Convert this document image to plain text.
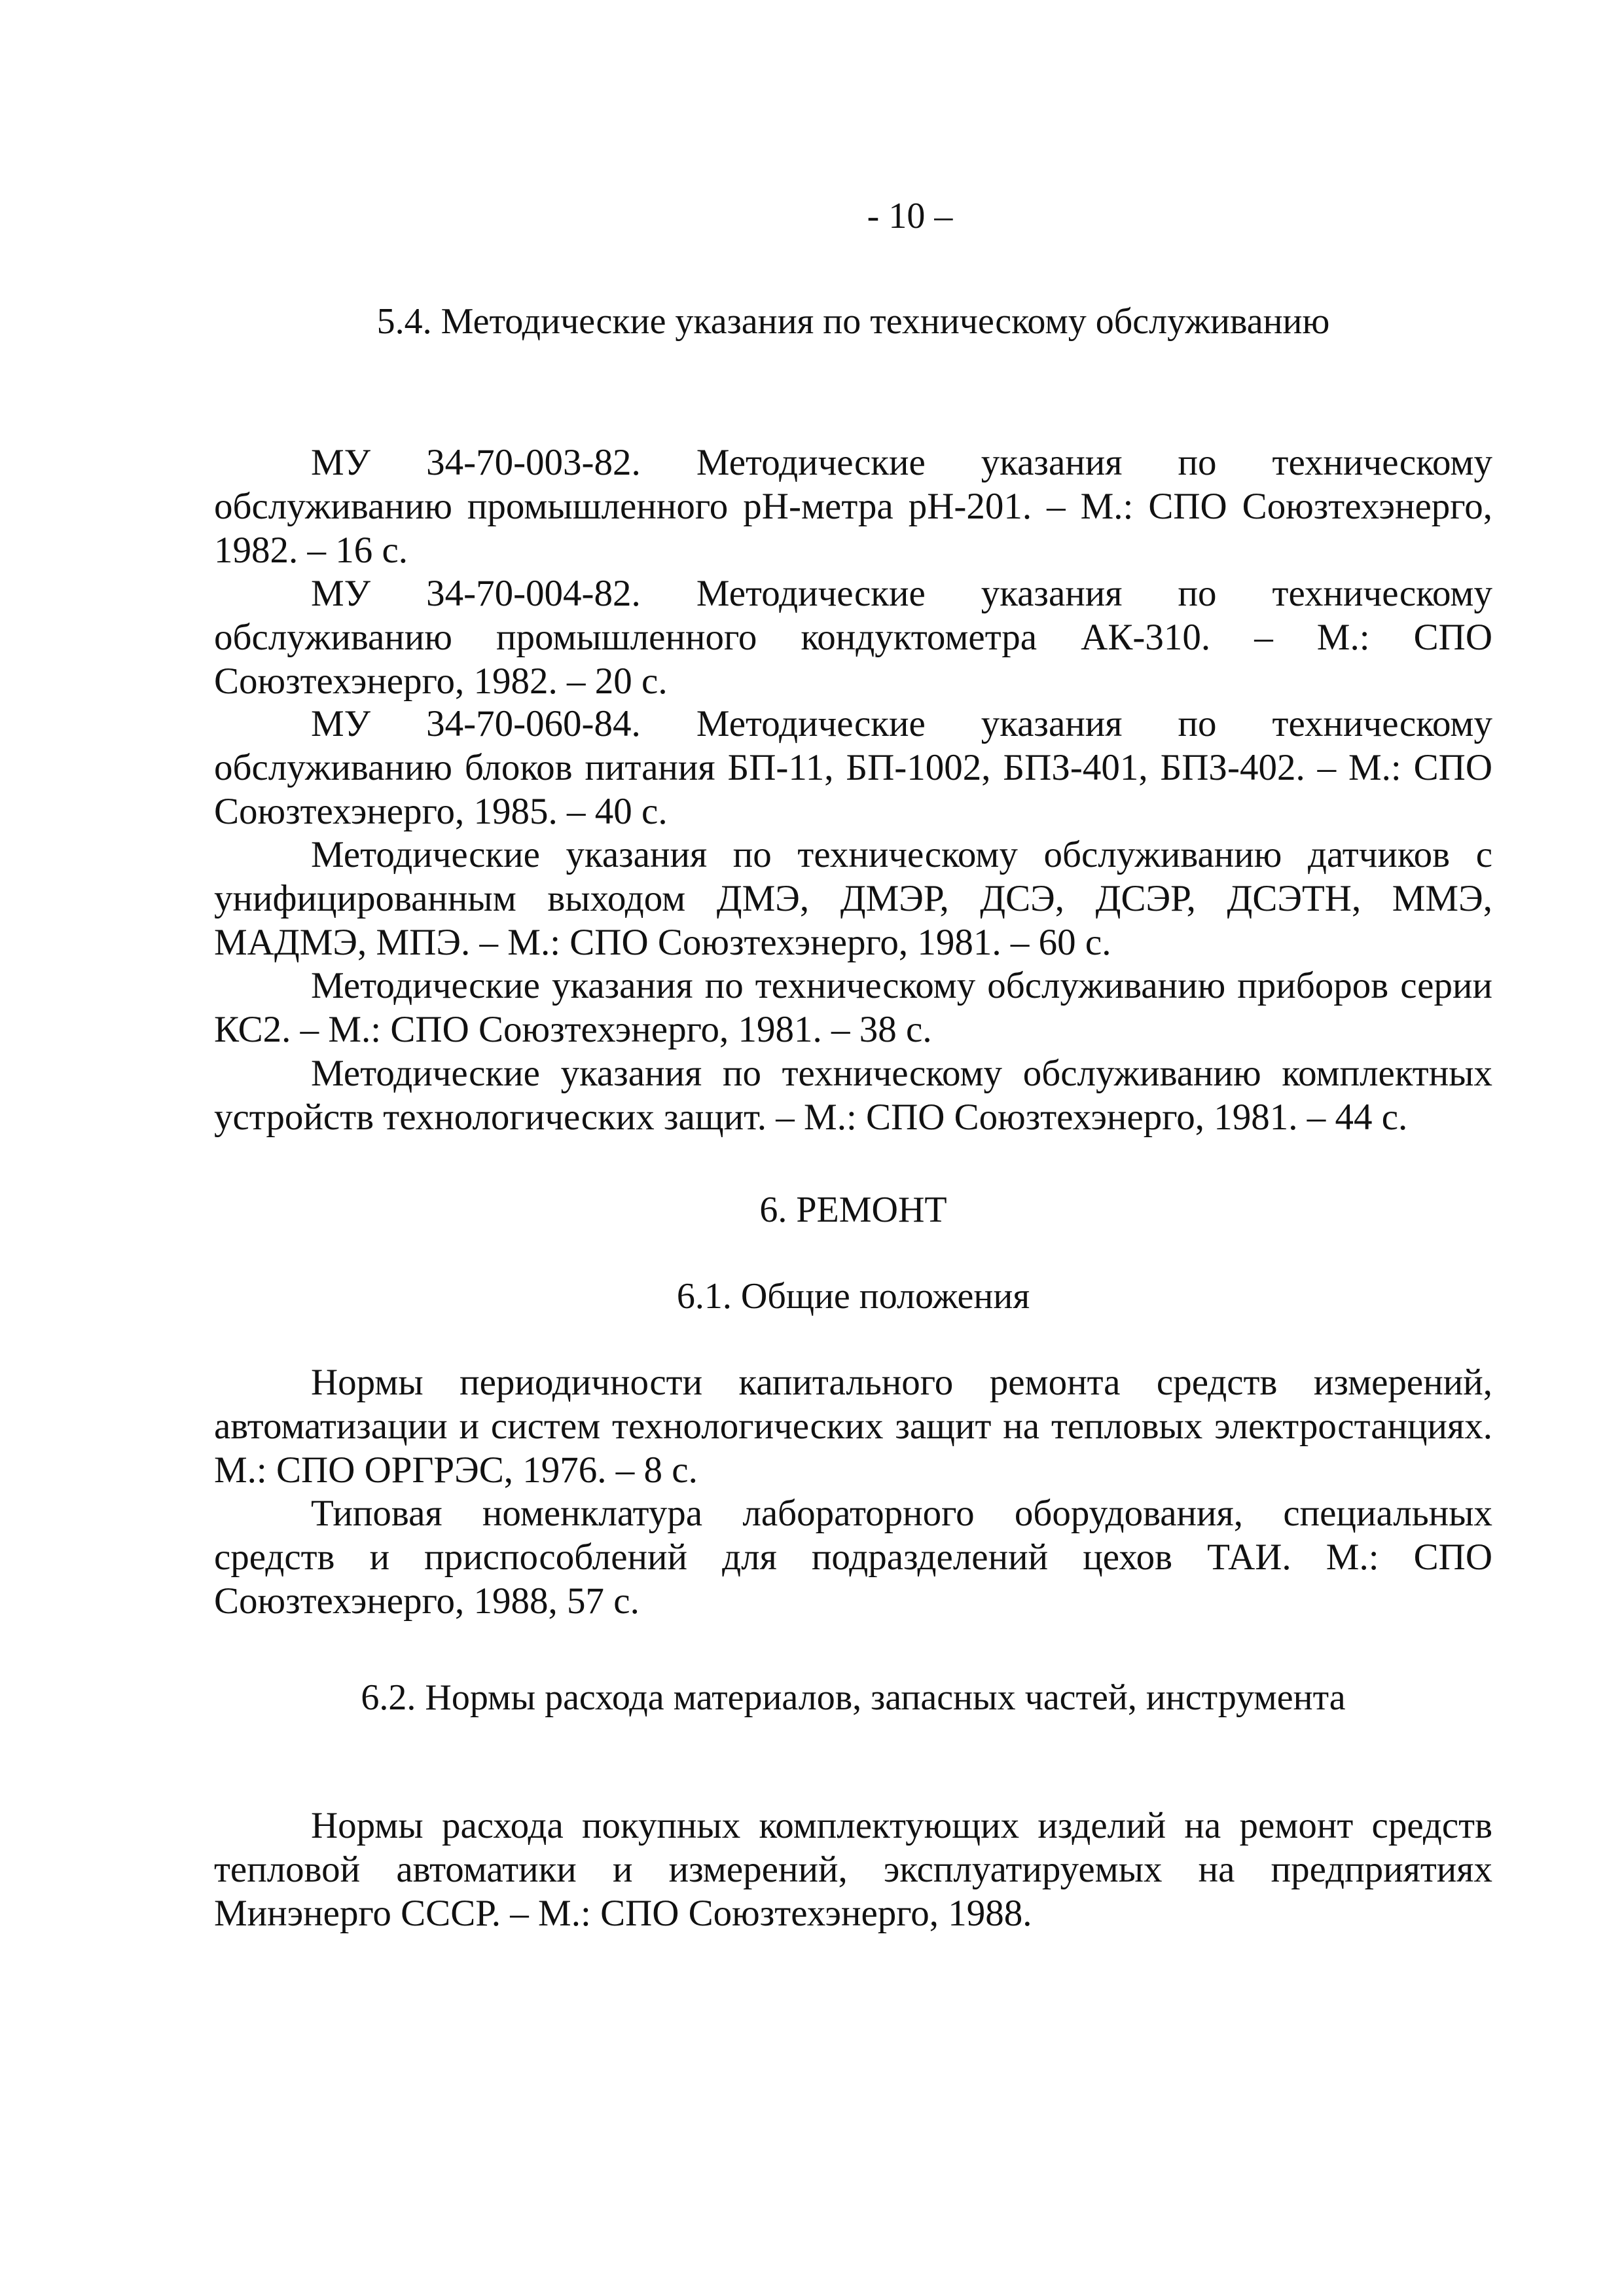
- 10 –
5.4. Методические указания по техническому обслуживанию

МУ 34-70-003-82. Методические указания по техническому обслуживанию промышленного рН-метра рН-201. – М.: СПО Союзтехэнерго, 1982. – 16 с.

МУ 34-70-004-82. Методические указания по техническому обслуживанию промышленного кондуктометра АК-310. – М.: СПО Союзтехэнерго, 1982. – 20 с.

МУ 34-70-060-84. Методические указания по техническому обслуживанию блоков питания БП-11, БП-1002, БПЗ-401, БПЗ-402. – М.: СПО Союзтехэнерго, 1985. – 40 с.

Методические указания по техническому обслуживанию датчиков с унифицированным выходом ДМЭ, ДМЭР, ДСЭ, ДСЭР, ДСЭТН, ММЭ, МАДМЭ, МПЭ. – М.: СПО Союзтехэнерго, 1981. – 60 с.

Методические указания по техническому обслуживанию приборов серии КС2. – М.: СПО Союзтехэнерго, 1981. – 38 с.

Методические указания по техническому обслуживанию комплектных устройств технологических защит. – М.: СПО Союзтехэнерго, 1981. – 44 с.

6. РЕМОНТ
6.1. Общие положения

Нормы периодичности капитального ремонта средств измерений, автоматизации и систем технологических защит на тепловых электростанциях. М.: СПО ОРГРЭС, 1976. – 8 с.

Типовая номенклатура лабораторного оборудования, специальных средств и приспособлений для подразделений цехов ТАИ. М.: СПО Союзтехэнерго, 1988, 57 с.

6.2. Нормы расхода материалов, запасных частей, инструмента

Нормы расхода покупных комплектующих изделий на ремонт средств тепловой автоматики и измерений, эксплуатируемых на предприятиях Минэнерго СССР. – М.: СПО Союзтехэнерго, 1988.
